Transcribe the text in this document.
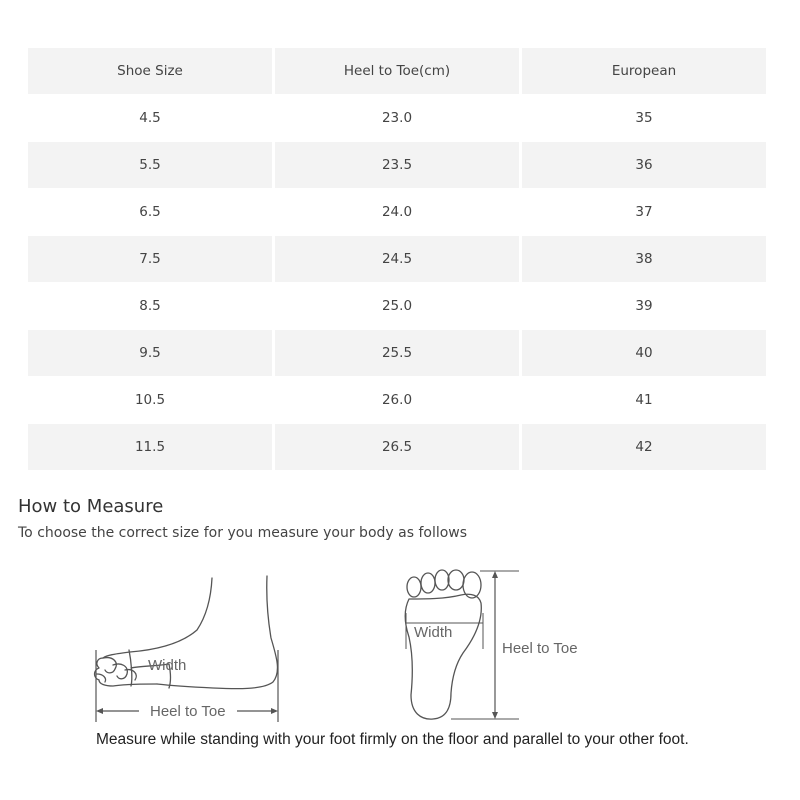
Shoe Size	Heel to Toe(cm)	European
4.5	23.0	35
5.5	23.5	36
6.5	24.0	37
7.5	24.5	38
8.5	25.0	39
9.5	25.5	40
10.5	26.0	41
11.5	26.5	42
How to Measure
To choose the correct size for you measure your body as follows
Width
Heel to Toe
Width
Heel to Toe
Measure while standing with your foot firmly on the floor and parallel to your other foot.
